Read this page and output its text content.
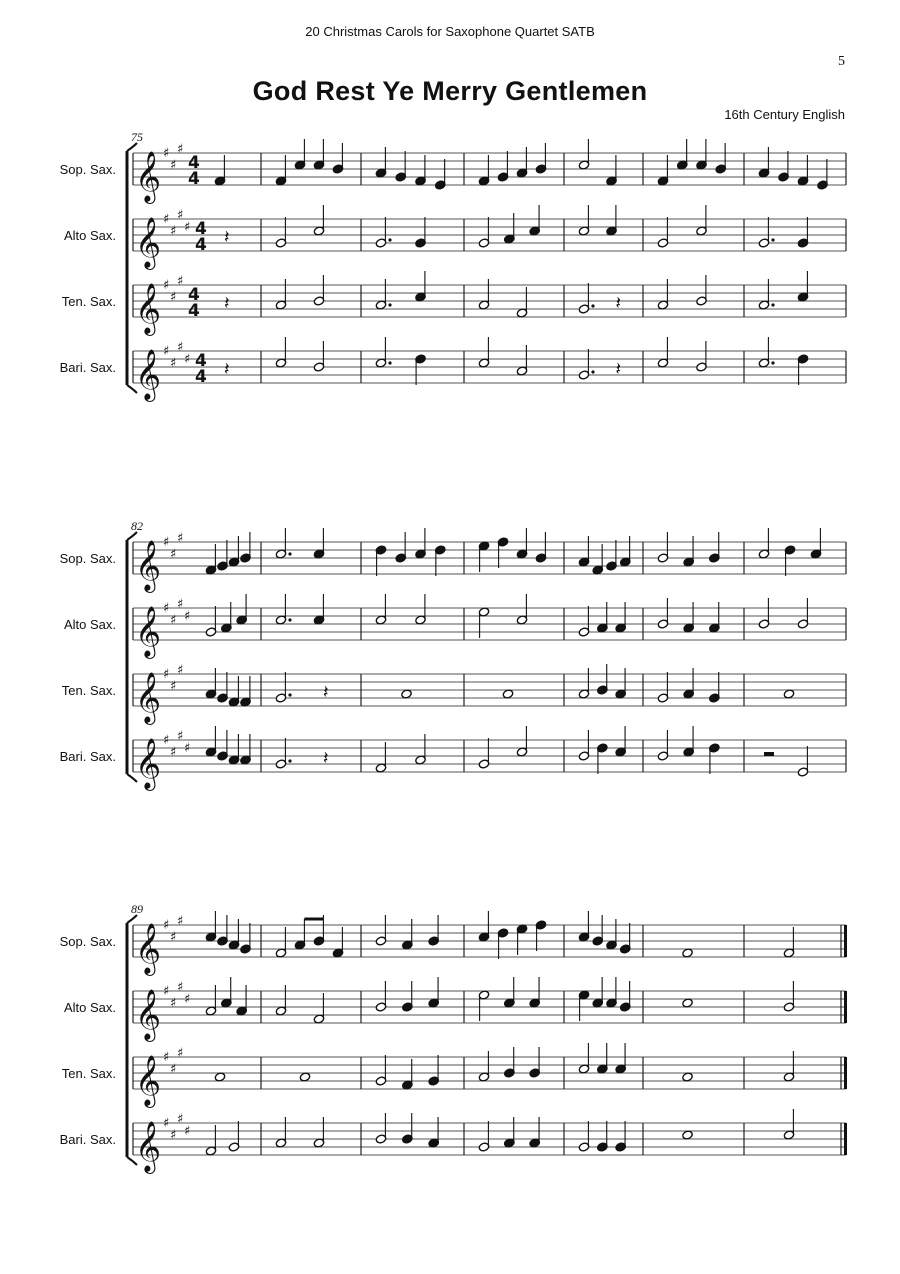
20 Christmas Carols for Saxophone Quartet SATB
5
God Rest Ye Merry Gentlemen
16th Century English
75
Sop. Sax. 𝄞 ♯
♯
♯
4
4
Alto Sax. 𝄞 ♯
♯
♯
♯ 4
4 𝄽
Ten. Sax. 𝄞 ♯
♯
♯
4
4 𝄽	𝄽
Bari. Sax. 𝄞 ♯
♯
♯
♯ 4
4 𝄽	𝄽
82
Sop. Sax. 𝄞 ♯
♯
♯
Alto Sax. 𝄞 ♯
♯
♯
♯
Ten. Sax. 𝄞 ♯
♯
♯
𝄽
Bari. Sax. 𝄞 ♯
♯
♯
♯	𝄽
89
Sop. Sax. 𝄞 ♯
♯
♯
Alto Sax. 𝄞 ♯
♯
♯
♯
Ten. Sax. 𝄞 ♯
♯
♯
Bari. Sax. 𝄞 ♯
♯
♯
♯
